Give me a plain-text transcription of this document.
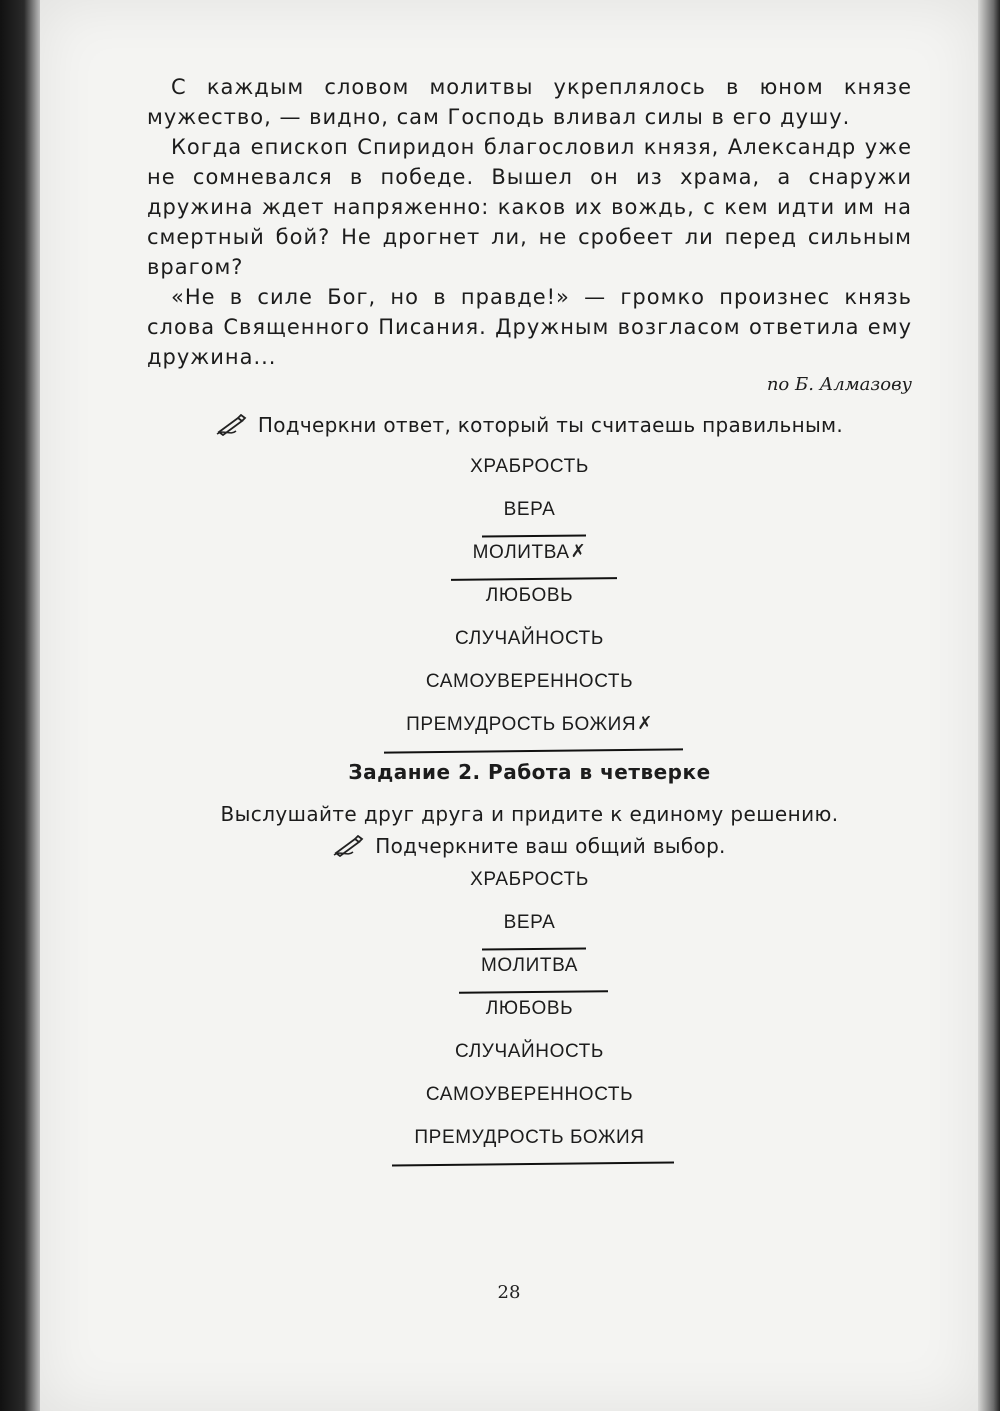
С каждым словом молитвы укреплялось в юном князе мужество, — видно, сам Господь вливал силы в его душу.

Когда епископ Спиридон благословил князя, Александр уже не сомневался в победе. Вышел он из храма, а снаружи дружина ждет напряженно: каков их вождь, с кем идти им на смертный бой? Не дрогнет ли, не сробеет ли перед сильным врагом?

«Не в силе Бог, но в правде!» — громко произнес князь слова Священного Писания. Дружным возгласом ответила ему дружина...

по Б. Алмазову
Подчеркни ответ, который ты считаешь правильным.
ХРАБРОСТЬ
ВЕРА
МОЛИТВА✗
ЛЮБОВЬ
СЛУЧАЙНОСТЬ
САМОУВЕРЕННОСТЬ
ПРЕМУДРОСТЬ БОЖИЯ✗
Задание 2. Работа в четверке
Выслушайте друг друга и придите к единому решению.
Подчеркните ваш общий выбор.
ХРАБРОСТЬ
ВЕРА
МОЛИТВА
ЛЮБОВЬ
СЛУЧАЙНОСТЬ
САМОУВЕРЕННОСТЬ
ПРЕМУДРОСТЬ БОЖИЯ
28
